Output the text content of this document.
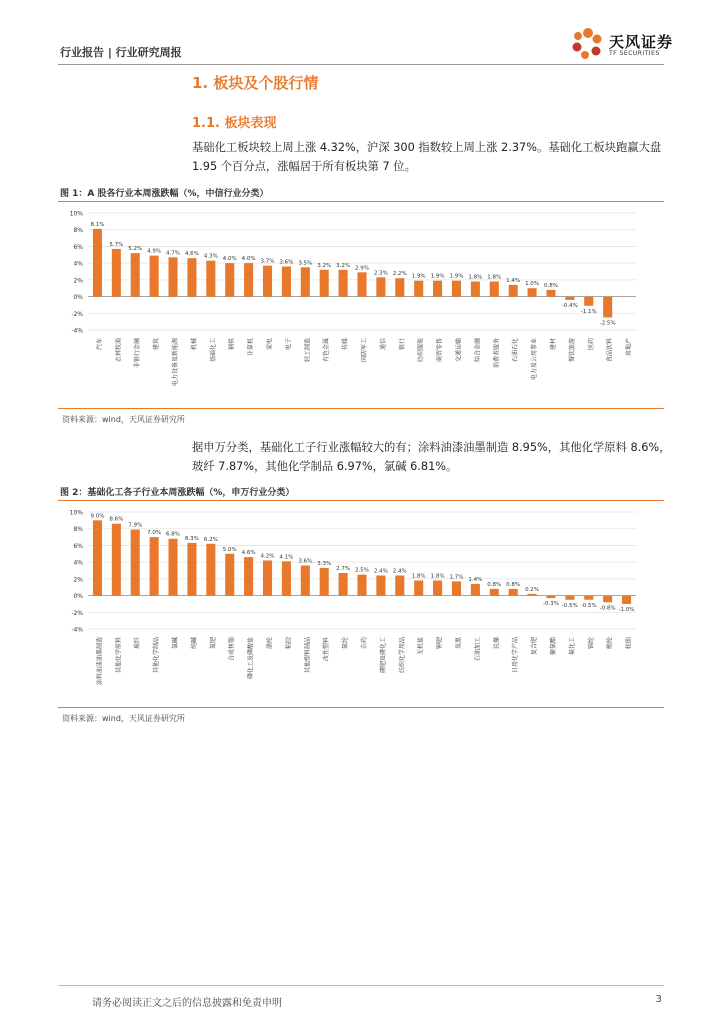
行业报告 | 行业研究周报
天风证券
TF SECURITIES
1. 板块及个股行情
1.1. 板块表现
基础化工板块较上周上涨 4.32%，沪深 300 指数较上周上涨 2.37%。基础化工板块跑赢大盘
1.95 个百分点，涨幅居于所有板块第 7 位。
图 1：A 股各行业本周涨跌幅（%，中信行业分类）
-4%
-2%
0%
2%
4%
6%
8%
10%
8.1%
汽车
5.7%
农林牧渔
5.2%
非银行金融
4.9%
建筑
4.7%
电力设备及新能源
4.6%
机械
4.3%
基础化工
4.0%
钢铁
4.0%
计算机
3.7%
家电
3.6%
电子
3.5%
轻工制造
3.2%
有色金属
3.2%
传媒
2.9%
国防军工
2.3%
通信
2.2%
银行
1.9%
纺织服装
1.9%
商贸零售
1.9%
交通运输
1.8%
综合金融
1.8%
消费者服务
1.4%
石油石化
1.0%
电力及公用事业
0.8%
建材
-0.4%
餐饮旅游
-1.1%
医药
-2.5%
食品饮料 房地产
资料来源：wind，天风证券研究所
据申万分类，基础化工子行业涨幅较大的有；涂料油漆油墨制造 8.95%，其他化学原料 8.6%，
玻纤 7.87%，其他化学制品 6.97%，氯碱 6.81%。
图 2：基础化工各子行业本周涨跌幅（%，申万行业分类）
-4%
-2%
0%
2%
4%
6%
8%
10% 9.0%
涂料油漆油墨制造
8.6%
其他化学原料
7.9%
玻纤
7.0%
其他化学制品
6.8%
氯碱
6.3%
纯碱
6.2%
氮肥
5.0%
合成树脂
4.6%
磷化工及磷酸盐
4.2%
涤纶
4.1%
粘胶
3.6%
其他塑料制品
3.3%
改性塑料
2.7%
氨纶
2.5%
农药
2.4%
磷肥及磷化工
2.4%
纺织化学用品
1.8%
无机盐
1.8%
钾肥
1.7%
炭黑
1.4%
石油加工
0.8%
民爆
0.8%
日用化学产品
0.2%
复合肥
-0.3%
聚氨酯
-0.5%
氟化工
-0.5%
锦纶
-0.8%
维纶
-1.0%
轮胎
资料来源：wind，天风证券研究所
请务必阅读正文之后的信息披露和免责申明	3
